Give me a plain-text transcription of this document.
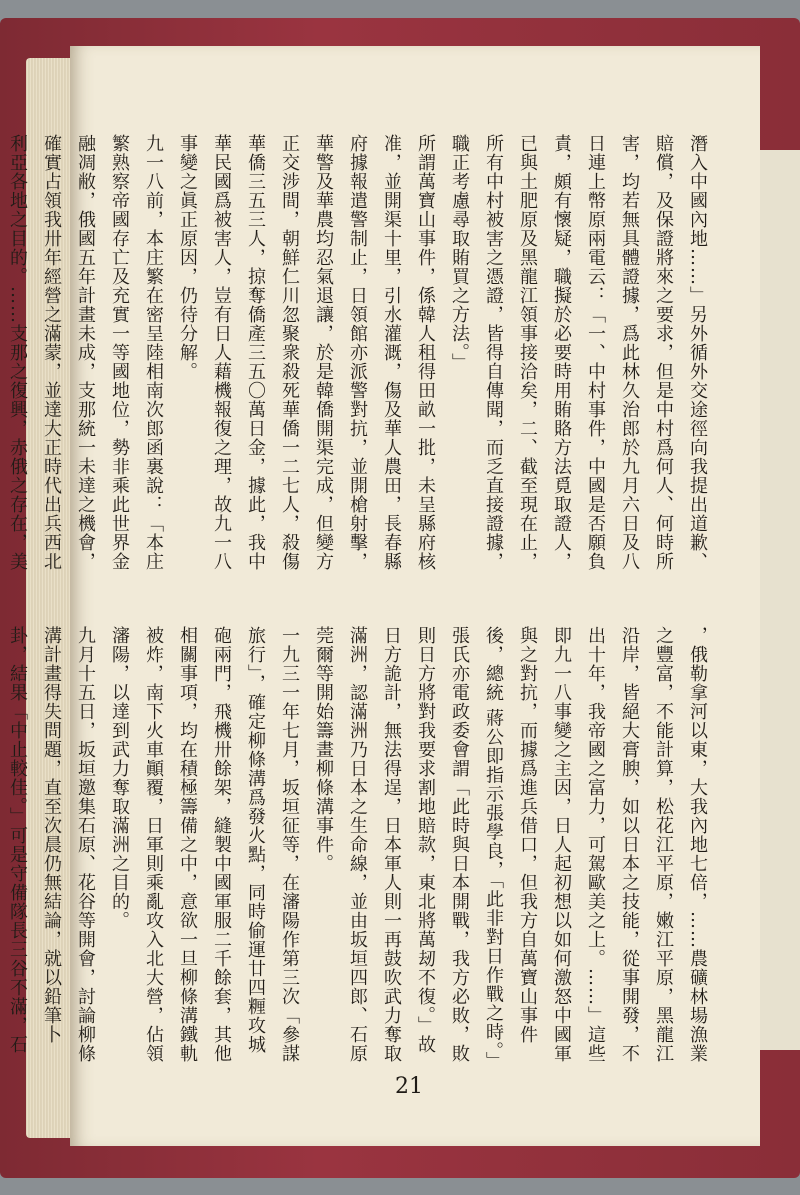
潛入中國內地……」另外循外交途徑向我提出道歉、賠償，及保證將來之要求，但是中村爲何人、何時所害，均若無具體證據，爲此林久治郎於九月六日及八日連上幣原兩電云：「一、中村事件，中國是否願負責，頗有懷疑，職擬於必要時用賄賂方法覓取證人，已與土肥原及黑龍江領事接洽矣，二、截至現在止，所有中村被害之憑證，皆得自傳聞，而乏直接證據，職正考慮尋取賄買之方法。」
所謂萬寶山事件，係韓人租得田畝一批，未呈縣府核准，並開渠十里，引水灌溉，傷及華人農田，長春縣府據報遣警制止，日領館亦派警對抗，並開槍射擊，華警及華農均忍氣退讓，於是韓僑開渠完成，但變方正交涉間，朝鮮仁川忽聚衆殺死華僑一二七人，殺傷華僑三五三人，掠奪僑產三五〇萬日金，據此，我中華民國爲被害人，豈有日人藉機報復之理，故九一八事變之眞正原因，仍待分解。
九一八前，本庄繁在密呈陸相南次郎函裏說：「本庄繁熟察帝國存亡及充實一等國地位，勢非乘此世界金融凋敝，俄國五年計畫未成，支那統一未達之機會，確實占領我卅年經營之滿蒙，並達大正時代出兵西北利亞各地之目的。……支那之復興，赤俄之存在，美
，俄勒拿河以東，大我內地七倍，……農礦林場漁業之豐富，不能計算，松花江平原，嫩江平原，黑龍江沿岸，皆絕大膏腴，如以日本之技能，從事開發，不出十年，我帝國之富力，可駕歐美之上。……」這些即九一八事變之主因，日人起初想以如何激怒中國軍與之對抗，而據爲進兵借口，但我方自萬寶山事件後，總統 蔣公即指示張學良，「此非對日作戰之時。」張氏亦電政委會謂「此時與日本開戰，我方必敗，敗則日方將對我要求割地賠款，東北將萬刼不復。」故日方詭計，無法得逞，日本軍人則一再鼓吹武力奪取滿洲，認滿洲乃日本之生命線，並由坂垣四郎、石原莞爾等開始籌畫柳條溝事件。
一九三一年七月，坂垣征等，在瀋陽作第三次「參謀旅行」，確定柳條溝爲發火點，同時偷運廿四糎攻城砲兩門，飛機卅餘架，縫製中國軍服二千餘套，其他相關事項，均在積極籌備之中，意欲一旦柳條溝鐵軌被炸，南下火車顚覆，日軍則乘亂攻入北大營，佔領瀋陽，以達到武力奪取滿洲之目的。
九月十五日，坂垣邀集石原、花谷等開會，討論柳條溝計畫得失問題，直至次晨仍無結論，就以鉛筆卜卦，結果「中止較佳。」可是守備隊長三谷不滿，石

21
